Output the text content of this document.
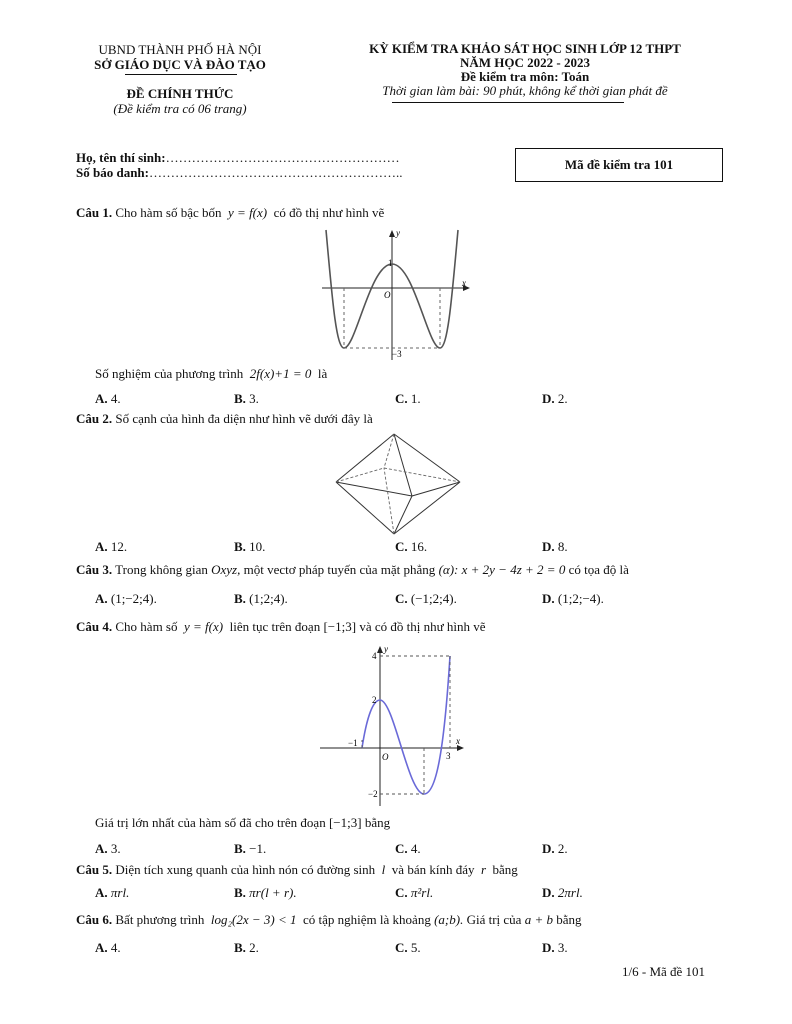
UBND THÀNH PHỐ HÀ NỘI
SỞ GIÁO DỤC VÀ ĐÀO TẠO
ĐỀ CHÍNH THỨC
(Đề kiểm tra có 06 trang)
KỲ KIỂM TRA KHẢO SÁT HỌC SINH LỚP 12 THPT
NĂM HỌC 2022 - 2023
Đề kiểm tra môn: Toán
Thời gian làm bài: 90 phút, không kể thời gian phát đề
Họ, tên thí sinh:………………………………………………
Số báo danh:…………………………………………………..
Mã đề kiểm tra 101
Câu 1. Cho hàm số bậc bốn y = f(x) có đồ thị như hình vẽ
y
x
O
1
−3
Số nghiệm của phương trình 2f(x)+1 = 0 là
A. 4.	B. 3.	C. 1.	D. 2.
Câu 2. Số cạnh của hình đa diện như hình vẽ dưới đây là
A. 12.	B. 10.	C. 16.	D. 8.
Câu 3. Trong không gian Oxyz, một vectơ pháp tuyến của mặt phẳng (α): x + 2y − 4z + 2 = 0 có tọa độ là
A. (1;−2;4).	B. (1;2;4).	C. (−1;2;4).	D. (1;2;−4).
Câu 4. Cho hàm số y = f(x) liên tục trên đoạn [−1;3] và có đồ thị như hình vẽ
y
x
O
4
2
−1
3
−2
Giá trị lớn nhất của hàm số đã cho trên đoạn [−1;3] bằng
A. 3.	B. −1.	C. 4.	D. 2.
Câu 5. Diện tích xung quanh của hình nón có đường sinh l và bán kính đáy r bằng
A. πrl.	B. πr(l + r).	C. π²rl.	D. 2πrl.
Câu 6. Bất phương trình log₂(2x − 3) < 1 có tập nghiệm là khoảng (a;b). Giá trị của a + b bằng
A. 4.	B. 2.	C. 5.	D. 3.
1/6 - Mã đề 101
